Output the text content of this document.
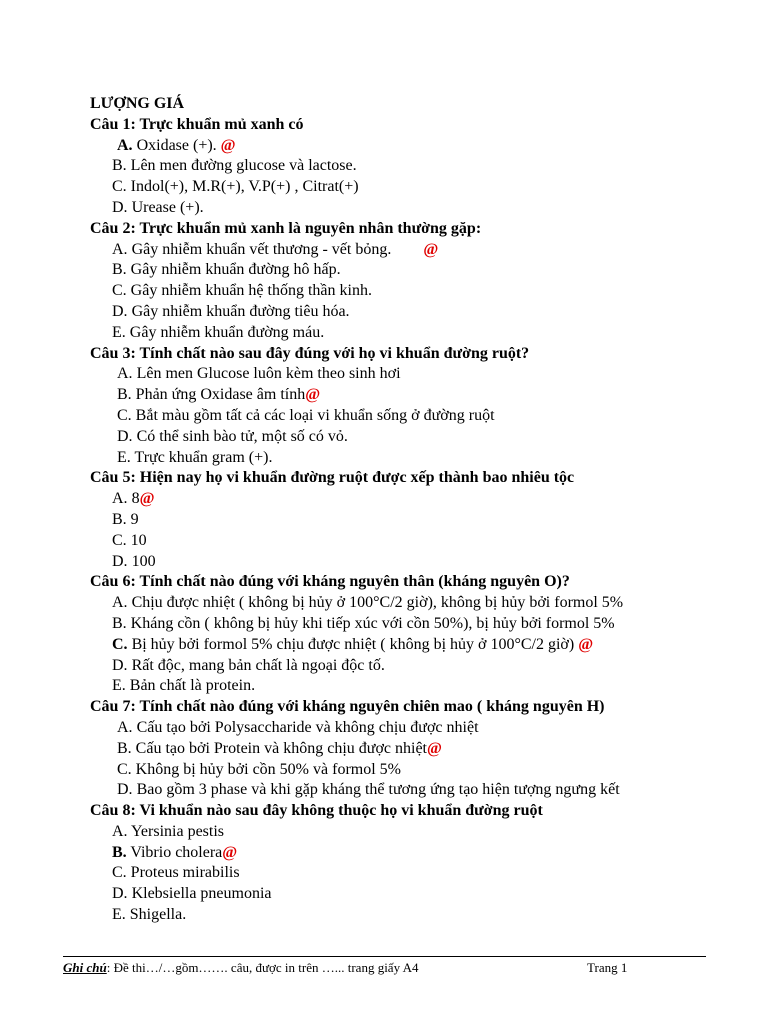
LƯỢNG GIÁ
Câu 1: Trực khuẩn mủ xanh có
A. Oxidase (+). @
B. Lên men đường glucose và lactose.
C. Indol(+), M.R(+), V.P(+) , Citrat(+)
D. Urease (+).
Câu 2: Trực khuẩn mủ xanh là nguyên nhân thường gặp:
A. Gây nhiễm khuẩn vết thương - vết bỏng. @
B. Gây nhiễm khuẩn đường hô hấp.
C. Gây nhiễm khuẩn hệ thống thần kinh.
D. Gây nhiễm khuẩn đường tiêu hóa.
E. Gây nhiễm khuẩn đường máu.
Câu 3: Tính chất nào sau đây đúng với họ vi khuẩn đường ruột?
A. Lên men Glucose luôn kèm theo sinh hơi
B. Phản ứng Oxidase âm tính@
C. Bắt màu gồm tất cả các loại vi khuẩn sống ở đường ruột
D. Có thể sinh bào tử, một số có vỏ.
E. Trực khuẩn gram (+).
Câu 5: Hiện nay họ vi khuẩn đường ruột được xếp thành bao nhiêu tộc
A. 8@
B. 9
C. 10
D. 100
Câu 6: Tính chất nào đúng với kháng nguyên thân (kháng nguyên O)?
A. Chịu được nhiệt ( không bị hủy ở 100°C/2 giờ), không bị hủy bởi formol 5%
B. Kháng cồn ( không bị hủy khi tiếp xúc với cồn 50%), bị hủy bởi formol 5%
C. Bị hủy bởi formol 5% chịu được nhiệt ( không bị hủy ở 100°C/2 giờ) @
D. Rất độc, mang bản chất là ngoại độc tố.
E. Bản chất là protein.
Câu 7: Tính chất nào đúng với kháng nguyên chiên mao ( kháng nguyên H)
A. Cấu tạo bởi Polysaccharide và không chịu được nhiệt
B. Cấu tạo bởi Protein và không chịu được nhiệt@
C. Không bị hủy bởi cồn 50% và formol 5%
D. Bao gồm 3 phase và khi gặp kháng thể tương ứng tạo hiện tượng ngưng kết
Câu 8: Vi khuẩn nào sau đây không thuộc họ vi khuẩn đường ruột
A. Yersinia pestis
B. Vibrio cholera@
C. Proteus mirabilis
D. Klebsiella pneumonia
E. Shigella.
Ghi chú: Đề thi…/…gồm……. câu, được in trên …... trang giấy A4	Trang 1
